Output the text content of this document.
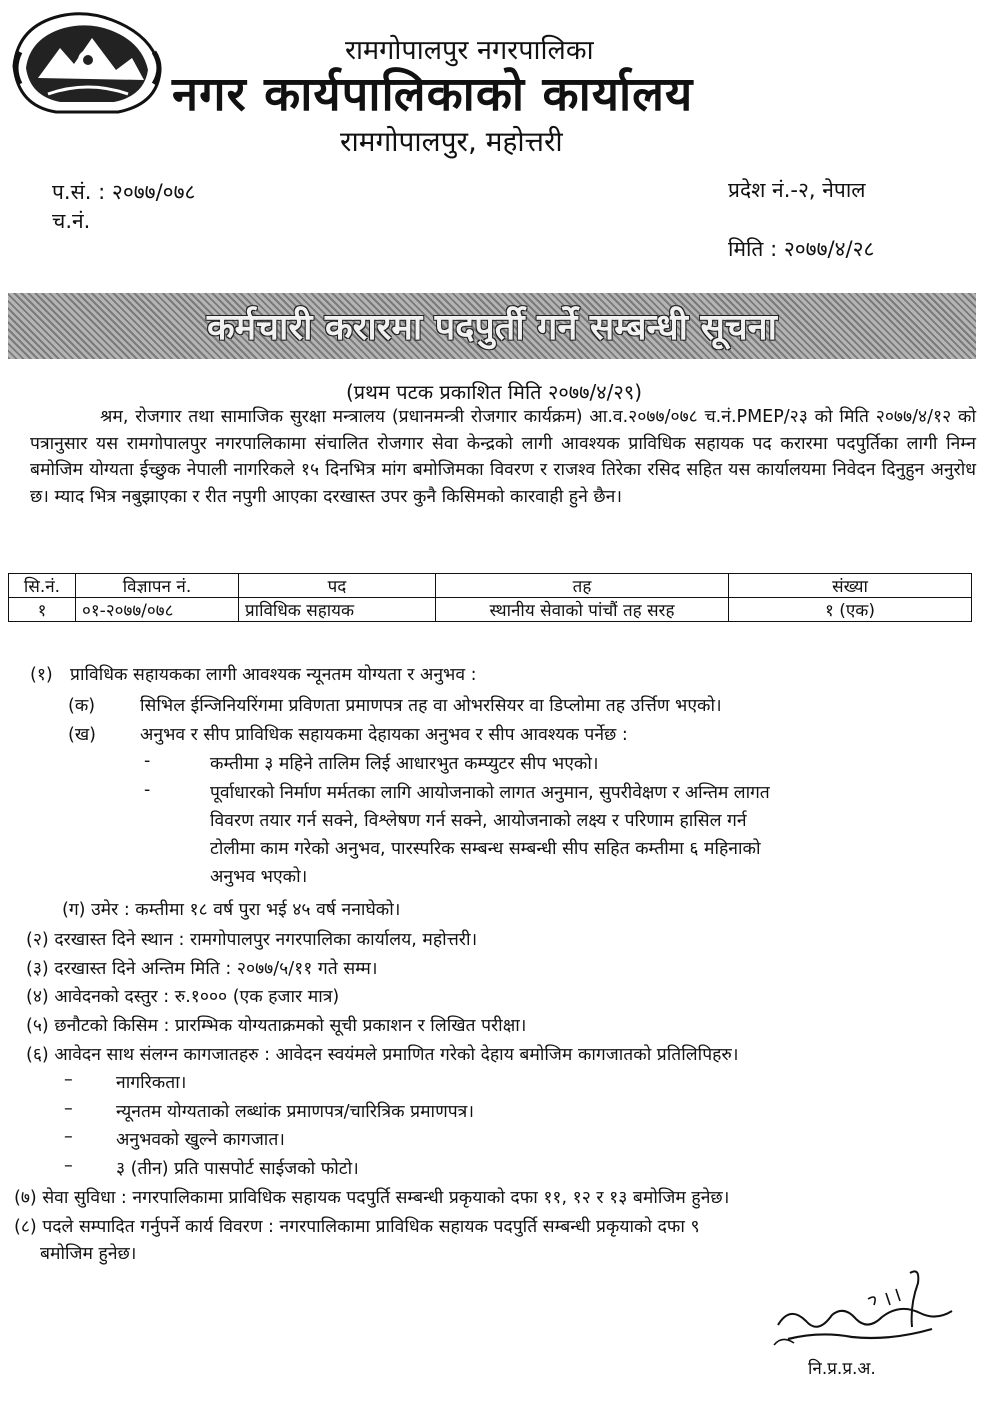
रामगोपालपुर नगरपालिका
नगर कार्यपालिकाको कार्यालय
रामगोपालपुर, महोत्तरी
प.सं. : २०७७/०७८
च.नं.
प्रदेश नं.-२, नेपाल
मिति : २०७७/४/२८
कर्मचारी करारमा पदपुर्ती गर्ने सम्बन्धी सूचना
(प्रथम पटक प्रकाशित मिति २०७७/४/२९)
श्रम, रोजगार तथा सामाजिक सुरक्षा मन्त्रालय (प्रधानमन्त्री रोजगार कार्यक्रम) आ.व.२०७७/०७८ च.नं.PMEP/२३ को मिति २०७७/४/१२ को पत्रानुसार यस रामगोपालपुर नगरपालिकामा संचालित रोजगार सेवा केन्द्रको लागी आवश्यक प्राविधिक सहायक पद करारमा पदपुर्तिका लागी निम्न बमोजिम योग्यता ईच्छुक नेपाली नागरिकले १५ दिनभित्र मांग बमोजिमका विवरण र राजश्व तिरेका रसिद सहित यस कार्यालयमा निवेदन दिनुहुन अनुरोध छ। म्याद भित्र नबुझाएका र रीत नपुगी आएका दरखास्त उपर कुनै किसिमको कारवाही हुने छैन।
सि.नं.	विज्ञापन नं.	पद	तह	संख्या
१	०१-२०७७/०७८	प्राविधिक सहायक	स्थानीय सेवाको पांचौं तह सरह	१ (एक)
(१) प्राविधिक सहायकका लागी आवश्यक न्यूनतम योग्यता र अनुभव :
(क)	सिभिल ईन्जिनियरिंगमा प्रविणता प्रमाणपत्र तह वा ओभरसियर वा डिप्लोमा तह उर्त्तिण भएको।
(ख)	अनुभव र सीप प्राविधिक सहायकमा देहायका अनुभव र सीप आवश्यक पर्नेछ :
-	कम्तीमा ३ महिने तालिम लिई आधारभुत कम्प्युटर सीप भएको।
-	पूर्वाधारको निर्माण मर्मतका लागि आयोजनाको लागत अनुमान, सुपरीवेक्षण र अन्तिम लागत
विवरण तयार गर्न सक्ने, विश्लेषण गर्न सक्ने, आयोजनाको लक्ष्य र परिणाम हासिल गर्न
टोलीमा काम गरेको अनुभव, पारस्परिक सम्बन्ध सम्बन्धी सीप सहित कम्तीमा ६ महिनाको
अनुभव भएको।
(ग) उमेर : कम्तीमा १८ वर्ष पुरा भई ४५ वर्ष ननाघेको।
(२) दरखास्त दिने स्थान : रामगोपालपुर नगरपालिका कार्यालय, महोत्तरी।
(३) दरखास्त दिने अन्तिम मिति : २०७७/५/११ गते सम्म।
(४) आवेदनको दस्तुर : रु.१००० (एक हजार मात्र)
(५) छनौटको किसिम : प्रारम्भिक योग्यताक्रमको सूची प्रकाशन र लिखित परीक्षा।
(६) आवेदन साथ संलग्न कागजातहरु : आवेदन स्वयंमले प्रमाणित गरेको देहाय बमोजिम कागजातको प्रतिलिपिहरु।
– नागरिकता।
– न्यूनतम योग्यताको लब्धांक प्रमाणपत्र/चारित्रिक प्रमाणपत्र।
– अनुभवको खुल्ने कागजात।
– ३ (तीन) प्रति पासपोर्ट साईजको फोटो।
(७) सेवा सुविधा : नगरपालिकामा प्राविधिक सहायक पदपुर्ति सम्बन्धी प्रकृयाको दफा ११, १२ र १३ बमोजिम हुनेछ।
(८) पदले सम्पादित गर्नुपर्ने कार्य विवरण : नगरपालिकामा प्राविधिक सहायक पदपुर्ति सम्बन्धी प्रकृयाको दफा ९
बमोजिम हुनेछ।
नि.प्र.प्र.अ.
